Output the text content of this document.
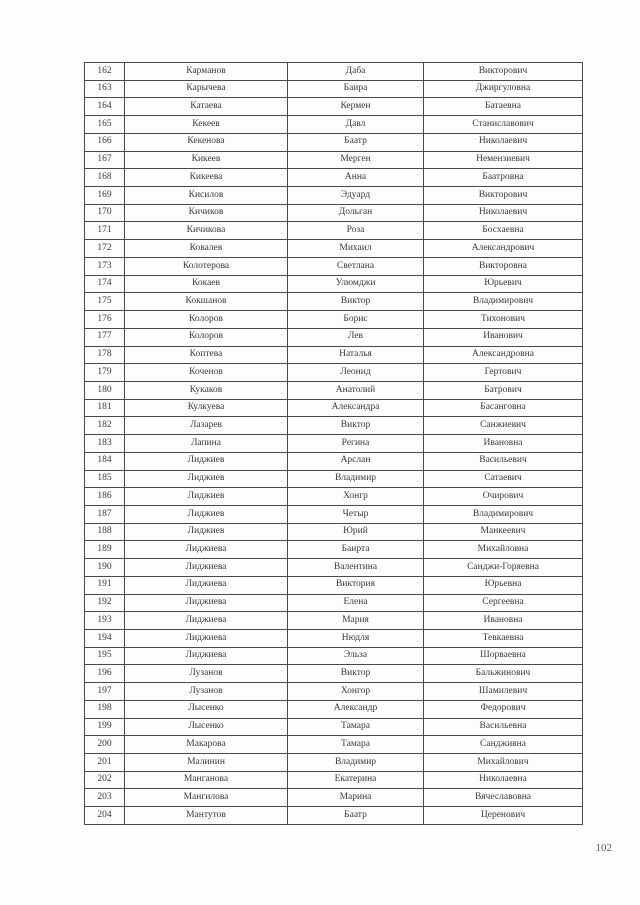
162	Карманов	Даба	Викторович
163	Карычева	Баира	Джиргуловна
164	Катаева	Кермен	Батаевна
165	Кекеев	Давл	Станиславович
166	Кекенова	Баатр	Николаевич
167	Кикеев	Мерген	Немензиевич
168	Кикеева	Анна	Баатровна
169	Кисилов	Эдуард	Викторович
170	Кичиков	Дольган	Николаевич
171	Кичикова	Роза	Босхаевна
172	Ковалев	Михаил	Александрович
173	Колотерова	Светлана	Викторовна
174	Кокаев	Улюмджи	Юрьевич
175	Кокшанов	Виктор	Владимирович
176	Колоров	Борис	Тихонович
177	Колоров	Лев	Иванович
178	Коптева	Наталья	Александровна
179	Коченов	Леонид	Гертович
180	Кукаков	Анатолий	Батрович
181	Кулкуева	Александра	Басанговна
182	Лазарев	Виктор	Санжиевич
183	Лапина	Регина	Ивановна
184	Лиджиев	Арслан	Васильевич
185	Лиджиев	Владимир	Сатаевич
186	Лиджиев	Хонгр	Очирович
187	Лиджиев	Четыр	Владимирович
188	Лиджиев	Юрий	Манкеевич
189	Лиджиева	Баирта	Михайловна
190	Лиджиева	Валентина	Санджи-Горяевна
191	Лиджиева	Виктория	Юрьевна
192	Лиджиева	Елена	Сергеевна
193	Лиджиева	Мария	Ивановна
194	Лиджиева	Нюдля	Тевкаевна
195	Лиджиева	Эльза	Шорваевна
196	Лузанов	Виктор	Бальжинович
197	Лузанов	Хонгор	Шамилевич
198	Лысенко	Александр	Федорович
199	Лысенко	Тамара	Васильевна
200	Макарова	Тамара	Сандживна
201	Малинин	Владимир	Михайлович
202	Манганова	Екатерина	Николаевна
203	Мангилова	Марина	Вячеславовна
204	Мантутов	Баатр	Церенович
102
